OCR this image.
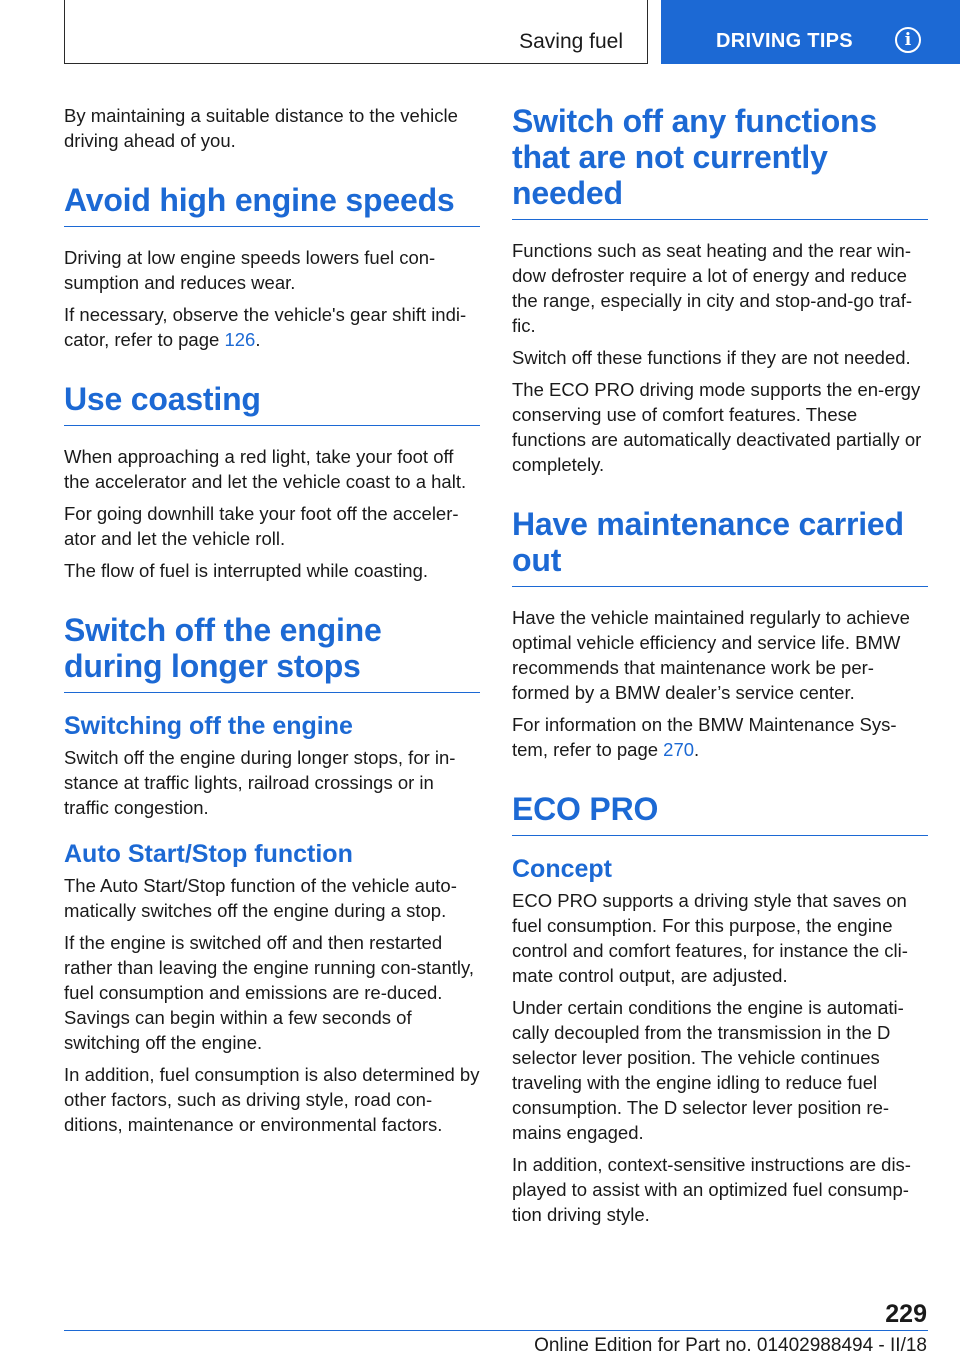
Saving fuel	DRIVING TIPS	i

By maintaining a suitable distance to the vehicle driving ahead of you.

Avoid high engine speeds

Driving at low engine speeds lowers fuel con-sumption and reduces wear.

If necessary, observe the vehicle's gear shift indi-cator, refer to page 126.

Use coasting

When approaching a red light, take your foot off the accelerator and let the vehicle coast to a halt.

For going downhill take your foot off the acceler-ator and let the vehicle roll.

The flow of fuel is interrupted while coasting.

Switch off the engine during longer stops
Switching off the engine

Switch off the engine during longer stops, for in-stance at traffic lights, railroad crossings or in traffic congestion.

Auto Start/Stop function

The Auto Start/Stop function of the vehicle auto-matically switches off the engine during a stop.

If the engine is switched off and then restarted rather than leaving the engine running con-stantly, fuel consumption and emissions are re-duced. Savings can begin within a few seconds of switching off the engine.

In addition, fuel consumption is also determined by other factors, such as driving style, road con-ditions, maintenance or environmental factors.

Switch off any functions that are not currently needed

Functions such as seat heating and the rear win-dow defroster require a lot of energy and reduce the range, especially in city and stop-and-go traf-fic.

Switch off these functions if they are not needed.

The ECO PRO driving mode supports the en-ergy conserving use of comfort features. These functions are automatically deactivated partially or completely.

Have maintenance carried out

Have the vehicle maintained regularly to achieve optimal vehicle efficiency and service life. BMW recommends that maintenance work be per-formed by a BMW dealer’s service center.

For information on the BMW Maintenance Sys-tem, refer to page 270.

ECO PRO
Concept

ECO PRO supports a driving style that saves on fuel consumption. For this purpose, the engine control and comfort features, for instance the cli-mate control output, are adjusted.

Under certain conditions the engine is automati-cally decoupled from the transmission in the D selector lever position. The vehicle continues traveling with the engine idling to reduce fuel consumption. The D selector lever position re-mains engaged.

In addition, context-sensitive instructions are dis-played to assist with an optimized fuel consump-tion driving style.

229
Online Edition for Part no. 01402988494 - II/18
